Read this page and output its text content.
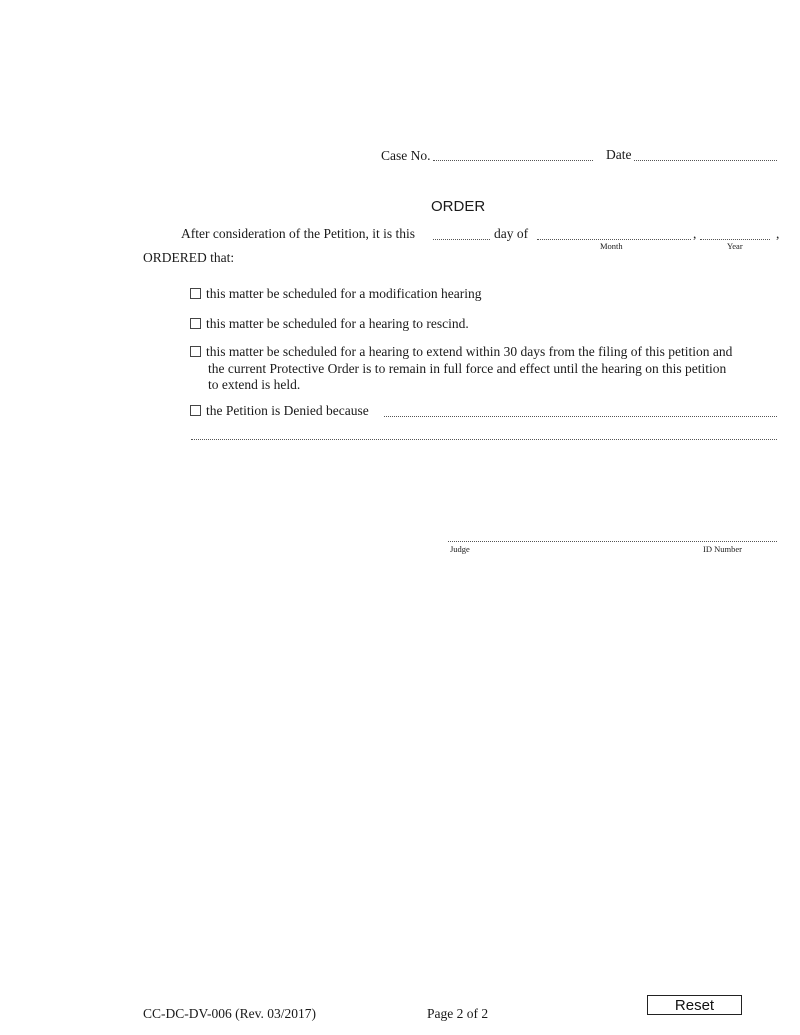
Case No.	Date
ORDER
After consideration of the Petition, it is this	day of	,	,
Month	Year
ORDERED that:
this matter be scheduled for a modification hearing
this matter be scheduled for a hearing to rescind.
this matter be scheduled for a hearing to extend within 30 days from the filing of this petition and
the current Protective Order is to remain in full force and effect until the hearing on this petition
to extend is held.
the Petition is Denied because
Judge	ID Number
CC-DC-DV-006 (Rev. 03/2017)	Page 2 of 2	Reset
